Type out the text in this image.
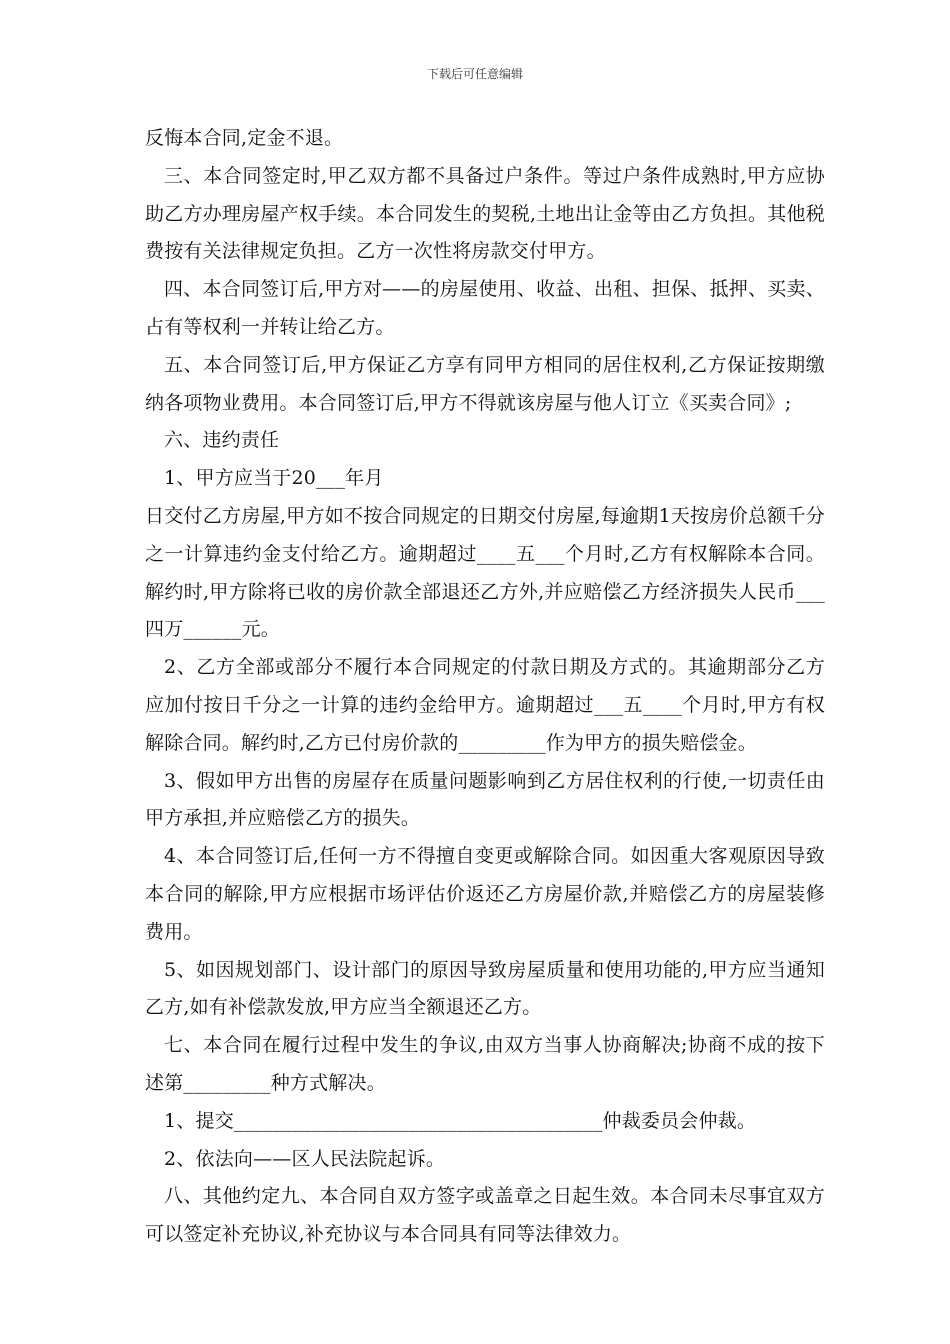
下载后可任意编辑

反悔本合同,定金不退。

三、本合同签定时,甲乙双方都不具备过户条件。等过户条件成熟时,甲方应协助乙方办理房屋产权手续。本合同发生的契税,土地出让金等由乙方负担。其他税费按有关法律规定负担。乙方一次性将房款交付甲方。

四、本合同签订后,甲方对——的房屋使用、收益、出租、担保、抵押、买卖、占有等权利一并转让给乙方。

五、本合同签订后,甲方保证乙方享有同甲方相同的居住权利,乙方保证按期缴纳各项物业费用。本合同签订后,甲方不得就该房屋与他人订立《买卖合同》;

六、违约责任

1、甲方应当于20___年月

日交付乙方房屋,甲方如不按合同规定的日期交付房屋,每逾期1天按房价总额千分之一计算违约金支付给乙方。逾期超过____五___个月时,乙方有权解除本合同。解约时,甲方除将已收的房价款全部退还乙方外,并应赔偿乙方经济损失人民币___四万______元。

2、乙方全部或部分不履行本合同规定的付款日期及方式的。其逾期部分乙方应加付按日千分之一计算的违约金给甲方。逾期超过___五____个月时,甲方有权解除合同。解约时,乙方已付房价款的_________作为甲方的损失赔偿金。

3、假如甲方出售的房屋存在质量问题影响到乙方居住权利的行使,一切责任由甲方承担,并应赔偿乙方的损失。

4、本合同签订后,任何一方不得擅自变更或解除合同。如因重大客观原因导致本合同的解除,甲方应根据市场评估价返还乙方房屋价款,并赔偿乙方的房屋装修费用。

5、如因规划部门、设计部门的原因导致房屋质量和使用功能的,甲方应当通知乙方,如有补偿款发放,甲方应当全额退还乙方。

七、本合同在履行过程中发生的争议,由双方当事人协商解决;协商不成的按下述第_________种方式解决。

1、提交______________________________________仲裁委员会仲裁。

2、依法向——区人民法院起诉。

八、其他约定九、本合同自双方签字或盖章之日起生效。本合同未尽事宜双方可以签定补充协议,补充协议与本合同具有同等法律效力。
